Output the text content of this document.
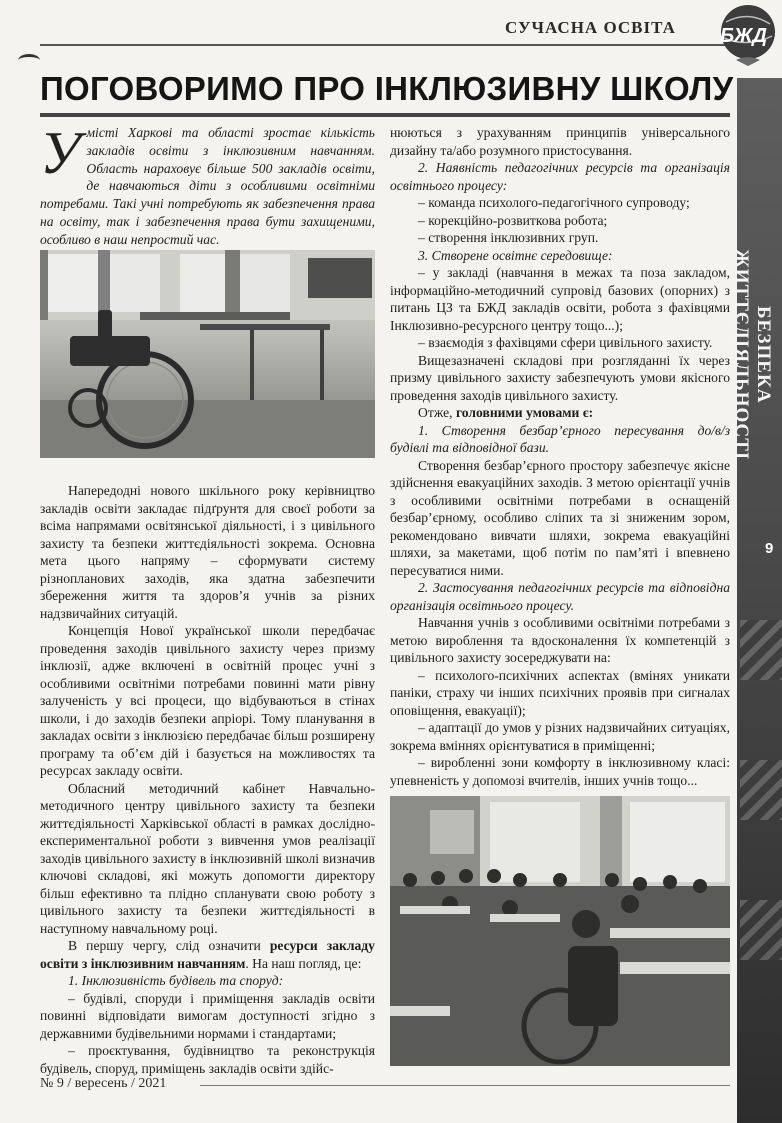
СУЧАСНА ОСВІТА БЖД
ПОГОВОРИМО ПРО ІНКЛЮЗИВНУ ШКОЛУ
БЕЗПЕКА ЖИТТЄДІЯЛЬНОСТІ
9
У місті Харкові та області зростає кількість закладів освіти з інклюзивним навчанням. Область нараховує більше 500 закладів освіти, де навчаються діти з особливими освітніми потребами. Такі учні потребують як забезпечення права на освіту, так і забезпечення права бути захищеними, особливо в наш непростий час.

Напередодні нового шкільного року керівництво закладів освіти закладає підґрунтя для своєї роботи за всіма напрямами освітянської діяльності, і з цивільного захисту та безпеки життєдіяльності зокрема. Основна мета цього напряму – сформувати систему різнопланових заходів, яка здатна забезпечити збереження життя та здоров’я учнів за різних надзвичайних ситуацій.

Концепція Нової української школи передбачає проведення заходів цивільного захисту через призму інклюзії, адже включені в освітній процес учні з особливими освітніми потребами повинні мати рівну залученість у всі процеси, що відбуваються в стінах школи, і до заходів безпеки апріорі. Тому планування в закладах освіти з інклюзією передбачає більш розширену програму та об’єм дій і базується на можливостях та ресурсах закладу освіти.

Обласний методичний кабінет Навчально-методичного центру цивільного захисту та безпеки життєдіяльності Харківської області в рамках дослідно-експериментальної роботи з вивчення умов реалізації заходів цивільного захисту в інклюзивній школі визначив ключові складові, які можуть допомогти директору більш ефективно та плідно спланувати свою роботу з цивільного захисту та безпеки життєдіяльності в наступному навчальному році.

В першу чергу, слід означити ресурси закладу освіти з інклюзивним навчанням. На наш погляд, це:

1. Інклюзивність будівель та споруд:

– будівлі, споруди і приміщення закладів освіти повинні відповідати вимогам доступності згідно з державними будівельними нормами і стандартами;

– проєктування, будівництво та реконструкція будівель, споруд, приміщень закладів освіти здійс-

нюються з урахуванням принципів універсального дизайну та/або розумного пристосування.

2. Наявність педагогічних ресурсів та організація освітнього процесу:

– команда психолого-педагогічного супроводу;

– корекційно-розвиткова робота;

– створення інклюзивних груп.

3. Створене освітнє середовище:

– у закладі (навчання в межах та поза закладом, інформаційно-методичний супровід базових (опорних) з питань ЦЗ та БЖД закладів освіти, робота з фахівцями Інклюзивно-ресурсного центру тощо...);

– взаємодія з фахівцями сфери цивільного захисту.

Вищезазначені складові при розгляданні їх через призму цивільного захисту забезпечують умови якісного проведення заходів цивільного захисту.

Отже, головними умовами є:

1. Створення безбар’єрного пересування до/в/з будівлі та відповідної бази.

Створення безбар’єрного простору забезпечує якісне здійснення евакуаційних заходів. З метою орієнтації учнів з особливими освітніми потребами в оснащеній безбар’єрному, особливо сліпих та зі зниженим зором, рекомендовано вивчати шляхи, зокрема евакуаційні шляхи, за макетами, щоб потім по пам’яті і впевнено пересуватися ними.

2. Застосування педагогічних ресурсів та відповідна організація освітнього процесу.

Навчання учнів з особливими освітніми потребами з метою вироблення та вдосконалення їх компетенцій з цивільного захисту зосереджувати на:

– психолого-психічних аспектах (вмінях уникати паніки, страху чи інших психічних проявів при сигналах оповіщення, евакуації);

– адаптації до умов у різних надзвичайних ситуаціях, зокрема вміннях орієнтуватися в приміщенні;

– виробленні зони комфорту в інклюзивному класі: упевненість у допомозі вчителів, інших учнів тощо...

№ 9 / вересень / 2021
